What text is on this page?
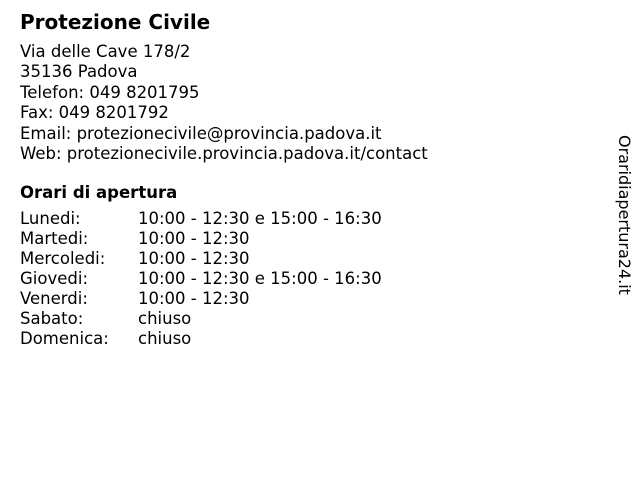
Protezione Civile
Via delle Cave 178/2
35136 Padova
Telefon: 049 8201795
Fax: 049 8201792
Email: protezionecivile@provincia.padova.it
Web: protezionecivile.provincia.padova.it/contact
Orari di apertura
Lunedi:	10:00 - 12:30 e 15:00 - 16:30
Martedi:	10:00 - 12:30
Mercoledi:	10:00 - 12:30
Giovedi:	10:00 - 12:30 e 15:00 - 16:30
Venerdi:	10:00 - 12:30
Sabato:	chiuso
Domenica:	chiuso
Oraridiapertura24.it
